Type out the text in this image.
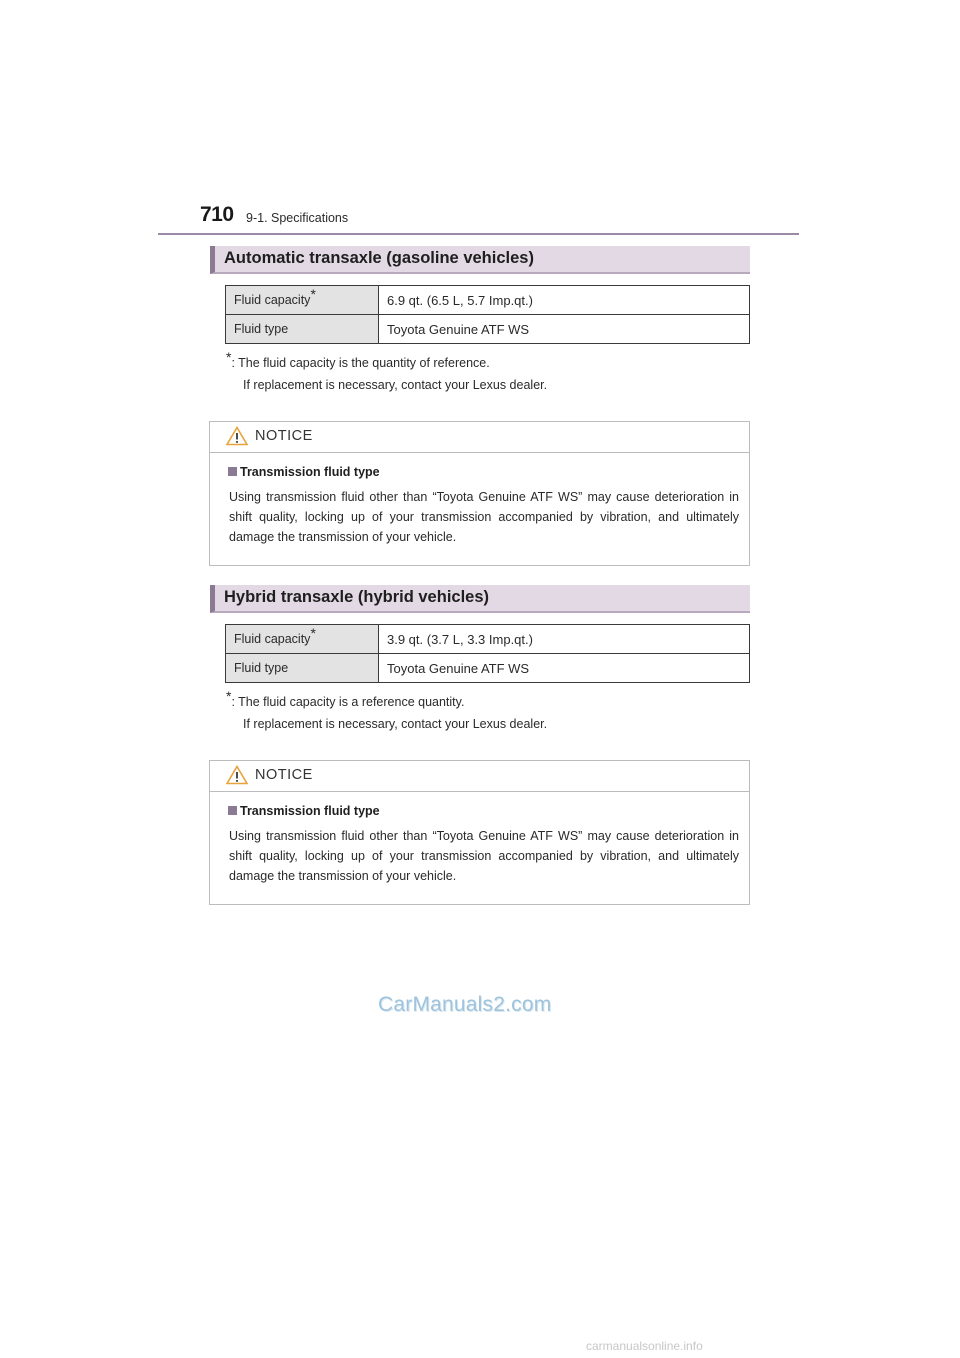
710 9-1. Specifications
Automatic transaxle (gasoline vehicles)
Fluid capacity*	6.9 qt. (6.5 L, 5.7 Imp.qt.)
Fluid type	Toyota Genuine ATF WS
*: The fluid capacity is the quantity of reference.
If replacement is necessary, contact your Lexus dealer.
NOTICE
Transmission fluid type

Using transmission fluid other than “Toyota Genuine ATF WS” may cause deterioration in shift quality, locking up of your transmission accompanied by vibration, and ultimately damage the transmission of your vehicle.

Hybrid transaxle (hybrid vehicles)
Fluid capacity*	3.9 qt. (3.7 L, 3.3 Imp.qt.)
Fluid type	Toyota Genuine ATF WS
*: The fluid capacity is a reference quantity.
If replacement is necessary, contact your Lexus dealer.
NOTICE
Transmission fluid type

Using transmission fluid other than “Toyota Genuine ATF WS” may cause deterioration in shift quality, locking up of your transmission accompanied by vibration, and ultimately damage the transmission of your vehicle.

CarManuals2.com
carmanualsonline.info
